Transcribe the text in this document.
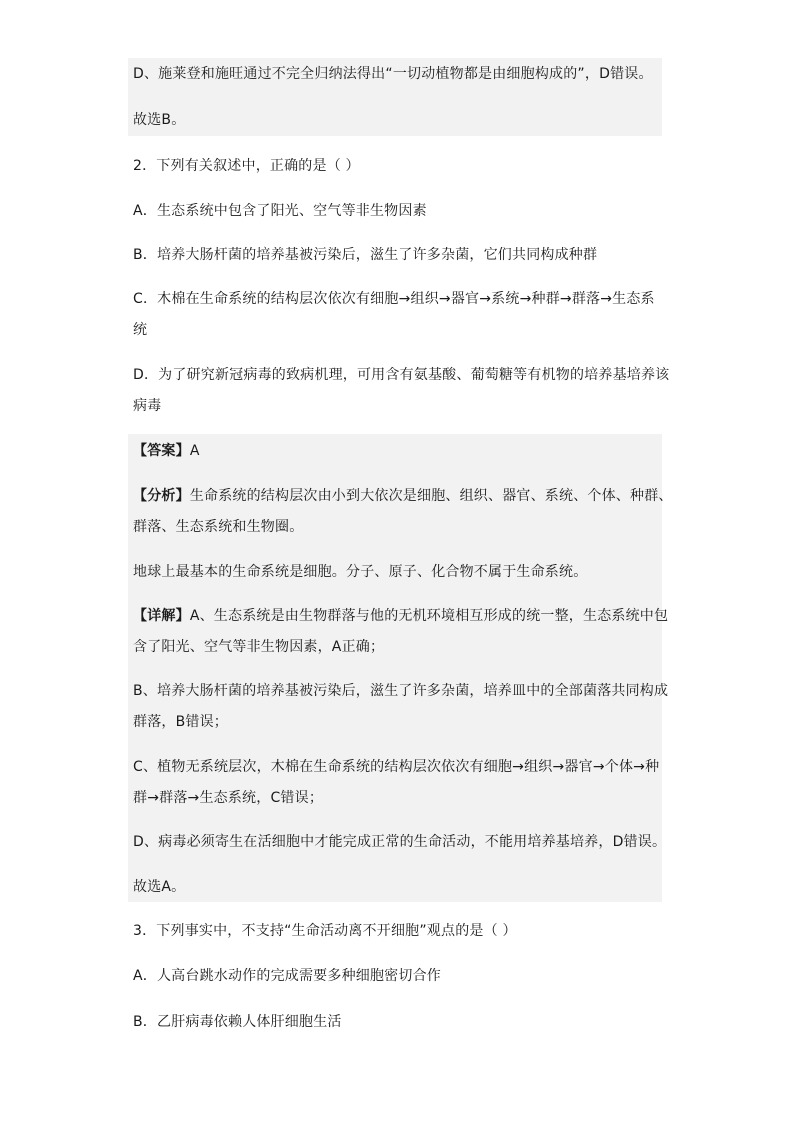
D、施莱登和施旺通过不完全归纳法得出“一切动植物都是由细胞构成的”，D错误。
故选B。
2．下列有关叙述中，正确的是（ ）
A．生态系统中包含了阳光、空气等非生物因素
B．培养大肠杆菌的培养基被污染后，滋生了许多杂菌，它们共同构成种群
C．木棉在生命系统的结构层次依次有细胞→组织→器官→系统→种群→群落→生态系
统
D．为了研究新冠病毒的致病机理，可用含有氨基酸、葡萄糖等有机物的培养基培养该
病毒
【答案】A
【分析】生命系统的结构层次由小到大依次是细胞、组织、器官、系统、个体、种群、
群落、生态系统和生物圈。
地球上最基本的生命系统是细胞。分子、原子、化合物不属于生命系统。
【详解】A、生态系统是由生物群落与他的无机环境相互形成的统一整，生态系统中包
含了阳光、空气等非生物因素，A正确；
B、培养大肠杆菌的培养基被污染后，滋生了许多杂菌，培养皿中的全部菌落共同构成
群落，B错误；
C、植物无系统层次，木棉在生命系统的结构层次依次有细胞→组织→器官→个体→种
群→群落→生态系统，C错误；
D、病毒必须寄生在活细胞中才能完成正常的生命活动，不能用培养基培养，D错误。
故选A。
3．下列事实中，不支持“生命活动离不开细胞”观点的是（ ）
A．人高台跳水动作的完成需要多种细胞密切合作
B．乙肝病毒依赖人体肝细胞生活
